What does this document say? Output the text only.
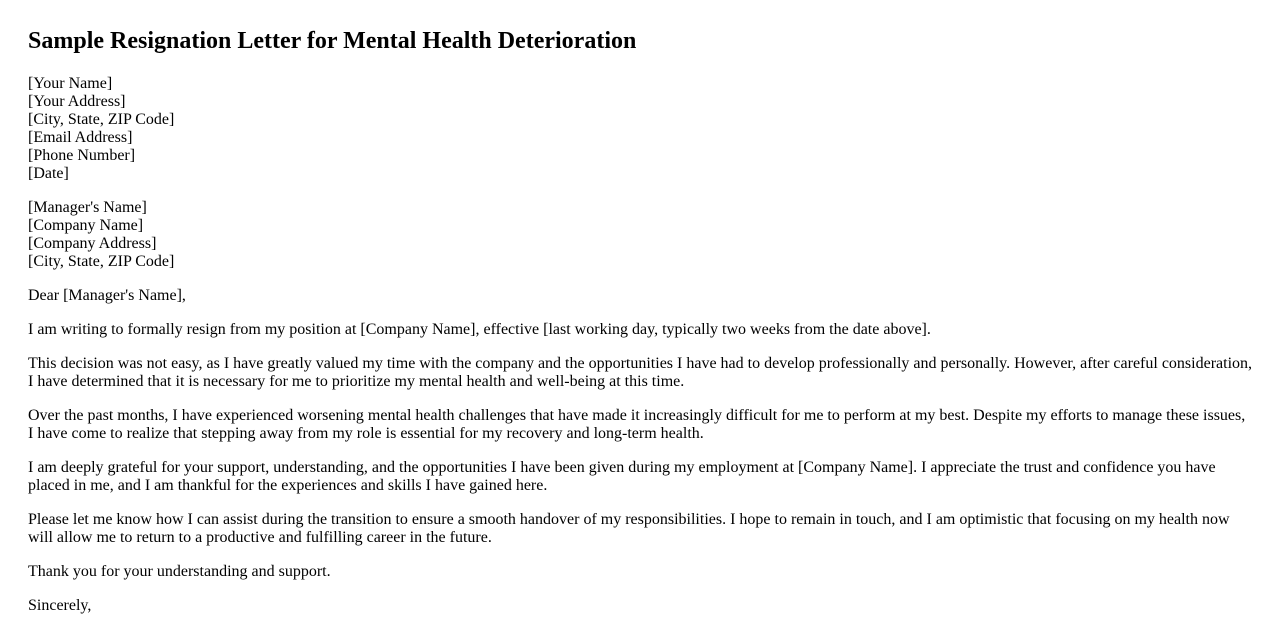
Sample Resignation Letter for Mental Health Deterioration
[Your Name]
[Your Address]
[City, State, ZIP Code]
[Email Address]
[Phone Number]
[Date]
[Manager's Name]
[Company Name]
[Company Address]
[City, State, ZIP Code]

Dear [Manager's Name],

I am writing to formally resign from my position at [Company Name], effective [last working day, typically two weeks from the date above].

This decision was not easy, as I have greatly valued my time with the company and the opportunities I have had to develop professionally and personally. However, after careful consideration, I have determined that it is necessary for me to prioritize my mental health and well-being at this time.

Over the past months, I have experienced worsening mental health challenges that have made it increasingly difficult for me to perform at my best. Despite my efforts to manage these issues, I have come to realize that stepping away from my role is essential for my recovery and long-term health.

I am deeply grateful for your support, understanding, and the opportunities I have been given during my employment at [Company Name]. I appreciate the trust and confidence you have placed in me, and I am thankful for the experiences and skills I have gained here.

Please let me know how I can assist during the transition to ensure a smooth handover of my responsibilities. I hope to remain in touch, and I am optimistic that focusing on my health now will allow me to return to a productive and fulfilling career in the future.

Thank you for your understanding and support.

Sincerely,
